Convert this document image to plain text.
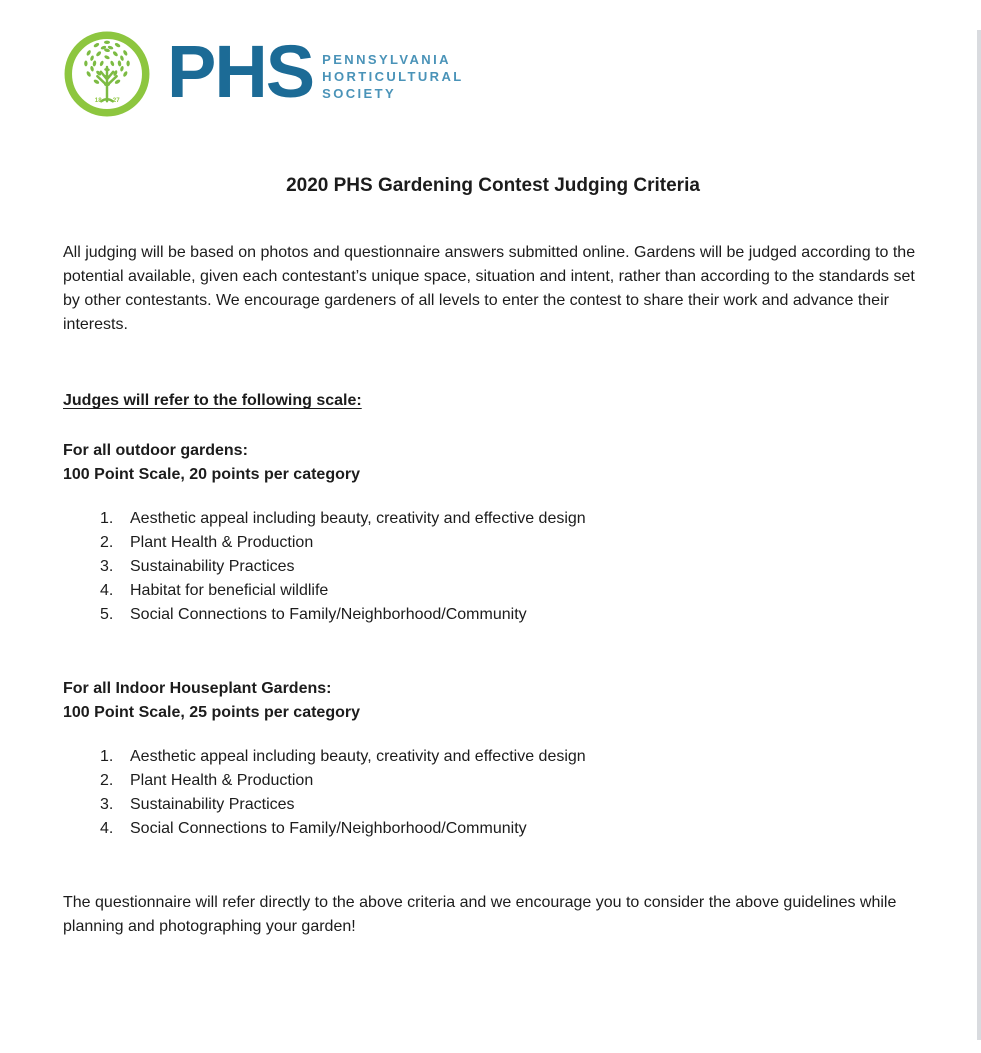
18 27 PHS PENNSYLVANIA
HORTICULTURAL
SOCIETY
2020 PHS Gardening Contest Judging Criteria
All judging will be based on photos and questionnaire answers submitted online. Gardens will be judged according to the potential available, given each contestant’s unique space, situation and intent, rather than according to the standards set by other contestants. We encourage gardeners of all levels to enter the contest to share their work and advance their interests.
Judges will refer to the following scale:
For all outdoor gardens:
100 Point Scale, 20 points per category
Aesthetic appeal including beauty, creativity and effective design
Plant Health & Production
Sustainability Practices
Habitat for beneficial wildlife
Social Connections to Family/Neighborhood/Community
For all Indoor Houseplant Gardens:
100 Point Scale, 25 points per category
Aesthetic appeal including beauty, creativity and effective design
Plant Health & Production
Sustainability Practices
Social Connections to Family/Neighborhood/Community
The questionnaire will refer directly to the above criteria and we encourage you to consider the above guidelines while planning and photographing your garden!
